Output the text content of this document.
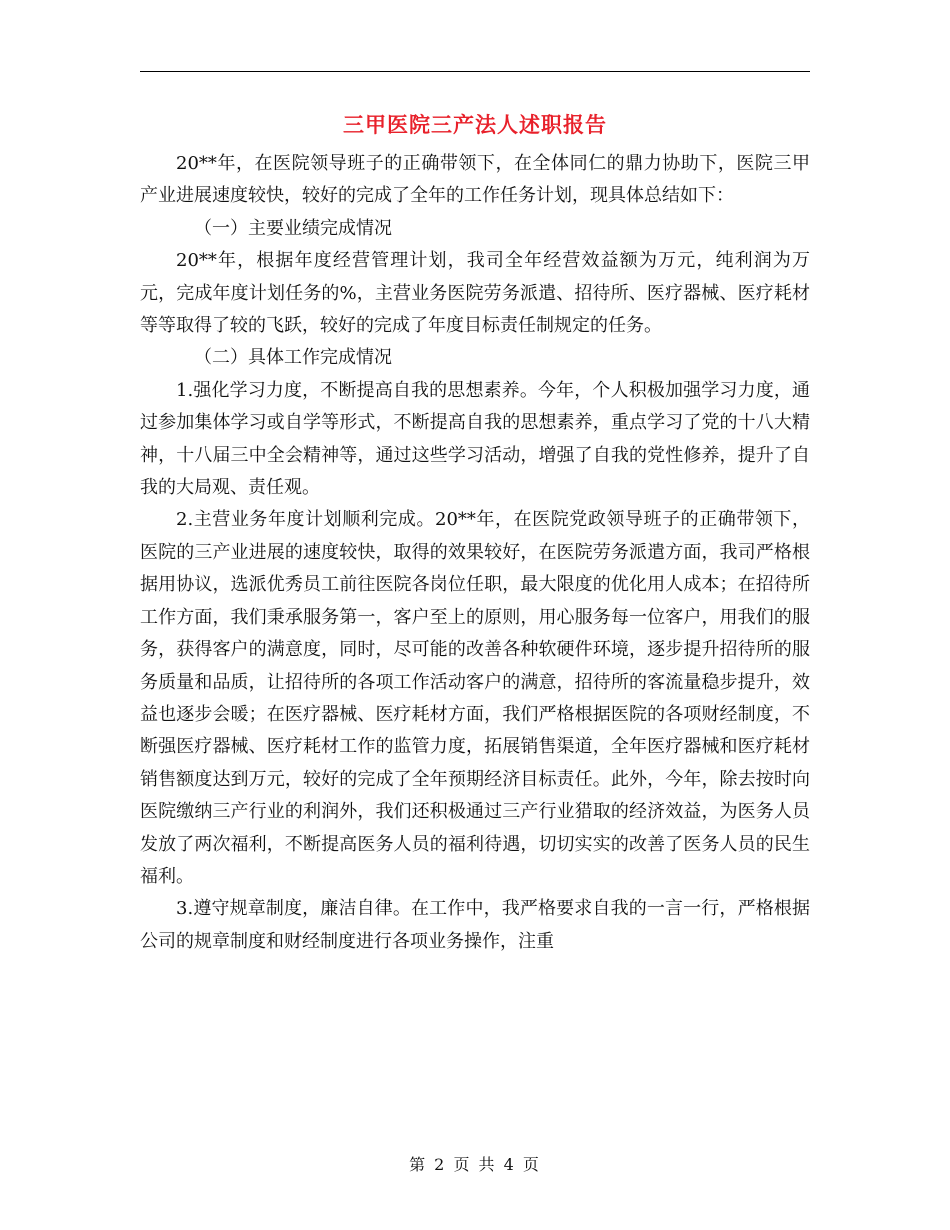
三甲医院三产法人述职报告

20**年，在医院领导班子的正确带领下，在全体同仁的鼎力协助下，医院三甲产业进展速度较快，较好的完成了全年的工作任务计划，现具体总结如下：

（一）主要业绩完成情况

20**年，根据年度经营管理计划，我司全年经营效益额为万元，纯利润为万元，完成年度计划任务的%，主营业务医院劳务派遣、招待所、医疗器械、医疗耗材等等取得了较的飞跃，较好的完成了年度目标责任制规定的任务。

（二）具体工作完成情况

1.强化学习力度，不断提高自我的思想素养。今年，个人积极加强学习力度，通过参加集体学习或自学等形式，不断提高自我的思想素养，重点学习了党的十八大精神，十八届三中全会精神等，通过这些学习活动，增强了自我的党性修养，提升了自我的大局观、责任观。

2.主营业务年度计划顺利完成。20**年，在医院党政领导班子的正确带领下，医院的三产业进展的速度较快，取得的效果较好，在医院劳务派遣方面，我司严格根据用协议，选派优秀员工前往医院各岗位任职，最大限度的优化用人成本；在招待所工作方面，我们秉承服务第一，客户至上的原则，用心服务每一位客户，用我们的服务，获得客户的满意度，同时，尽可能的改善各种软硬件环境，逐步提升招待所的服务质量和品质，让招待所的各项工作活动客户的满意，招待所的客流量稳步提升，效益也逐步会暖；在医疗器械、医疗耗材方面，我们严格根据医院的各项财经制度，不断强医疗器械、医疗耗材工作的监管力度，拓展销售渠道，全年医疗器械和医疗耗材销售额度达到万元，较好的完成了全年预期经济目标责任。此外，今年，除去按时向医院缴纳三产行业的利润外，我们还积极通过三产行业猎取的经济效益，为医务人员发放了两次福利，不断提高医务人员的福利待遇，切切实实的改善了医务人员的民生福利。

3.遵守规章制度，廉洁自律。在工作中，我严格要求自我的一言一行，严格根据公司的规章制度和财经制度进行各项业务操作，注重

第 2 页 共 4 页
